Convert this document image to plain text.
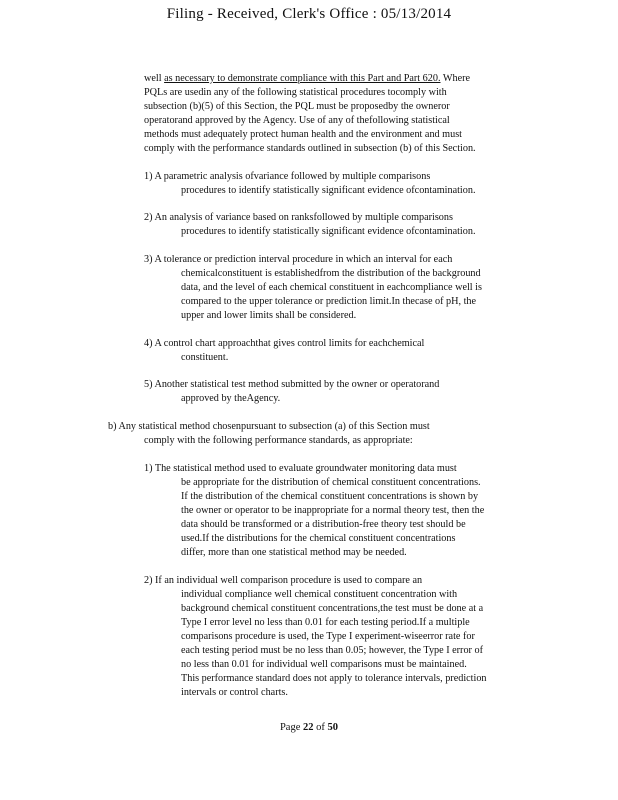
Filing - Received, Clerk's Office : 05/13/2014
well as necessary to demonstrate compliance with this Part and Part 620. Where
PQLs are usedin any of the following statistical procedures tocomply with
subsection (b)(5) of this Section, the PQL must be proposedby the owneror
operatorand approved by the Agency. Use of any of thefollowing statistical
methods must adequately protect human health and the environment and must
comply with the performance standards outlined in subsection (b) of this Section.
1) A parametric analysis ofvariance followed by multiple comparisons
procedures to identify statistically significant evidence ofcontamination.
2) An analysis of variance based on ranksfollowed by multiple comparisons
procedures to identify statistically significant evidence ofcontamination.
3) A tolerance or prediction interval procedure in which an interval for each
chemicalconstituent is establishedfrom the distribution of the background
data, and the level of each chemical constituent in eachcompliance well is
compared to the upper tolerance or prediction limit.In thecase of pH, the
upper and lower limits shall be considered.
4) A control chart approachthat gives control limits for eachchemical
constituent.
5) Another statistical test method submitted by the owner or operatorand
approved by theAgency.
b) Any statistical method chosenpursuant to subsection (a) of this Section must
comply with the following performance standards, as appropriate:
1) The statistical method used to evaluate groundwater monitoring data must
be appropriate for the distribution of chemical constituent concentrations.
If the distribution of the chemical constituent concentrations is shown by
the owner or operator to be inappropriate for a normal theory test, then the
data should be transformed or a distribution-free theory test should be
used.If the distributions for the chemical constituent concentrations
differ, more than one statistical method may be needed.
2) If an individual well comparison procedure is used to compare an
individual compliance well chemical constituent concentration with
background chemical constituent concentrations,the test must be done at a
Type I error level no less than 0.01 for each testing period.If a multiple
comparisons procedure is used, the Type I experiment-wiseerror rate for
each testing period must be no less than 0.05; however, the Type I error of
no less than 0.01 for individual well comparisons must be maintained.
This performance standard does not apply to tolerance intervals, prediction
intervals or control charts.
Page 22 of 50
